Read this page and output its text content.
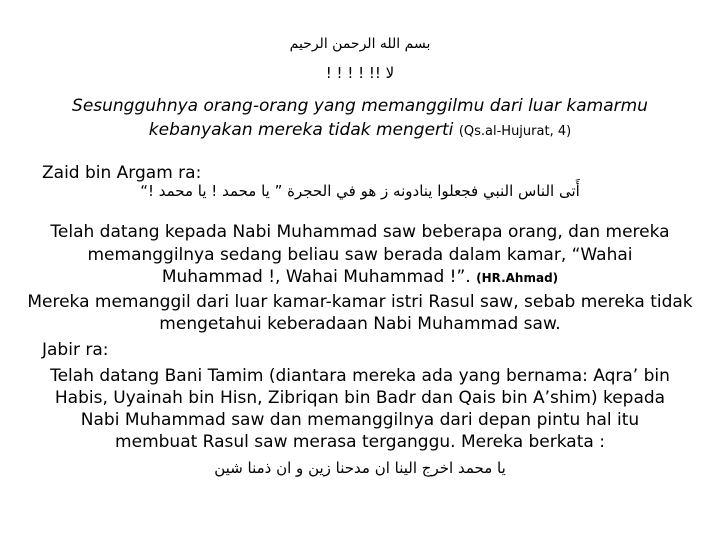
بسم الله الرحمن الرحيم
لا !! ! ! ! !
Sesungguhnya orang-orang yang memanggilmu dari luar kamarmu
kebanyakan mereka tidak mengerti (Qs.al-Hujurat, 4)
Zaid bin Argam ra:
أَتى الناس النبي فجعلوا ينادونه ز هو في الحجرة ” يا محمد ! يا محمد !“
Telah datang kepada Nabi Muhammad saw beberapa orang, dan mereka
memanggilnya sedang beliau saw berada dalam kamar, “Wahai
Muhammad !, Wahai Muhammad !”. (HR.Ahmad)
Mereka memanggil dari luar kamar-kamar istri Rasul saw, sebab mereka tidak
mengetahui keberadaan Nabi Muhammad saw.
Jabir ra:
Telah datang Bani Tamim (diantara mereka ada yang bernama: Aqra’ bin
Habis, Uyainah bin Hisn, Zibriqan bin Badr dan Qais bin A’shim) kepada
Nabi Muhammad saw dan memanggilnya dari depan pintu hal itu
membuat Rasul saw merasa terganggu. Mereka berkata :
يا محمد اخرج الينا ان مدحنا زين و ان ذمنا شين
